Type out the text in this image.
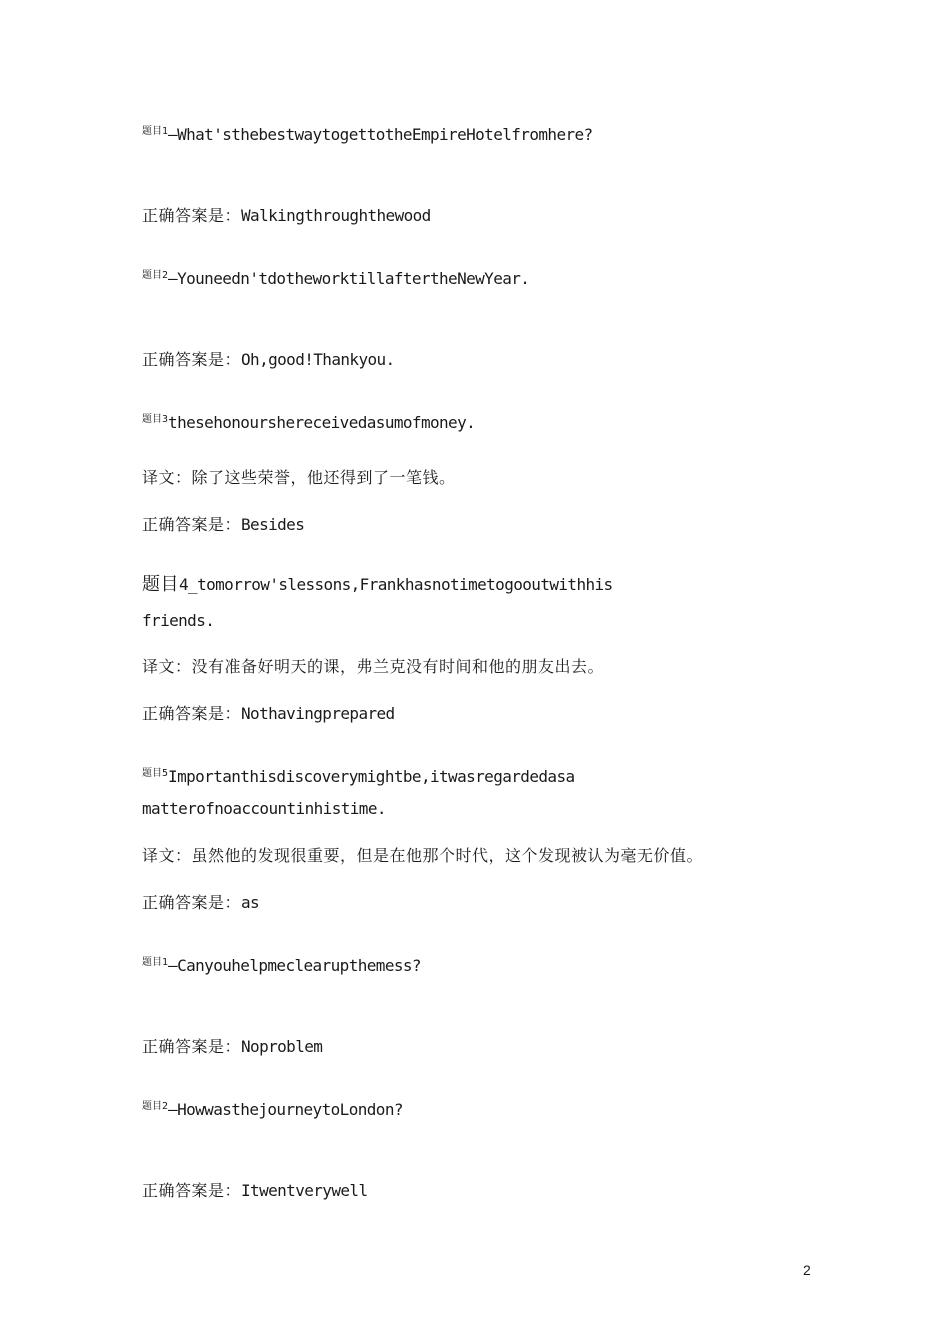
$^{题目1}$—What'sthebestwaytogettotheEmpireHotelfromhere?
正确答案是：Walkingthroughthewood
$^{题目2}$—Youneedn'tdotheworktillaftertheNewYear.
正确答案是：Oh,good!Thankyou.
$^{题目3}$thesehonourshereceivedasumofmoney.
译文：除了这些荣誉，他还得到了一笔钱。
正确答案是：Besides
题目4_tomorrow'slessons,Frankhasnotimetogooutwithhis
friends.
译文：没有准备好明天的课，弗兰克没有时间和他的朋友出去。
正确答案是：Nothavingprepared
$^{题目5}$Importanthisdiscoverymightbe,itwasregardedasa
matterofnoaccountinhistime.
译文：虽然他的发现很重要，但是在他那个时代，这个发现被认为毫无价值。
正确答案是：as
$^{题目1}$—Canyouhelpmeclearupthemess?
正确答案是：Noproblem
$^{题目2}$—HowwasthejourneytoLondon?
正确答案是：Itwentverywell
2
